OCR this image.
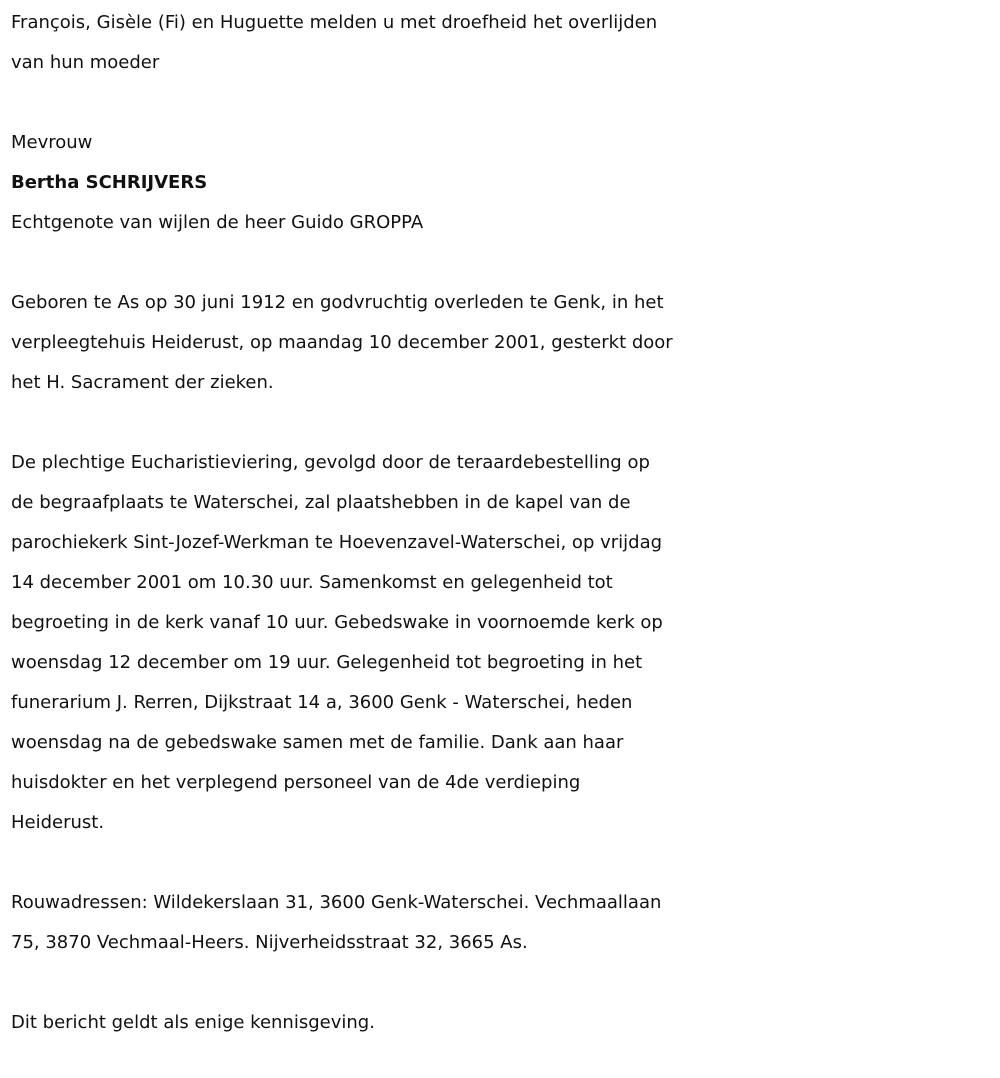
François, Gisèle (Fi) en Huguette melden u met droefheid het overlijden
van hun moeder

Mevrouw

Bertha SCHRIJVERS

Echtgenote van wijlen de heer Guido GROPPA

Geboren te As op 30 juni 1912 en godvruchtig overleden te Genk, in het
verpleegtehuis Heiderust, op maandag 10 december 2001, gesterkt door
het H. Sacrament der zieken.

De plechtige Eucharistieviering, gevolgd door de teraardebestelling op
de begraafplaats te Waterschei, zal plaatshebben in de kapel van de
parochiekerk Sint-Jozef-Werkman te Hoevenzavel-Waterschei, op vrijdag
14 december 2001 om 10.30 uur. Samenkomst en gelegenheid tot
begroeting in de kerk vanaf 10 uur. Gebedswake in voornoemde kerk op
woensdag 12 december om 19 uur. Gelegenheid tot begroeting in het
funerarium J. Rerren, Dijkstraat 14 a, 3600 Genk - Waterschei, heden
woensdag na de gebedswake samen met de familie. Dank aan haar
huisdokter en het verplegend personeel van de 4de verdieping
Heiderust.

Rouwadressen: Wildekerslaan 31, 3600 Genk-Waterschei. Vechmaallaan
75, 3870 Vechmaal-Heers. Nijverheidsstraat 32, 3665 As.

Dit bericht geldt als enige kennisgeving.
